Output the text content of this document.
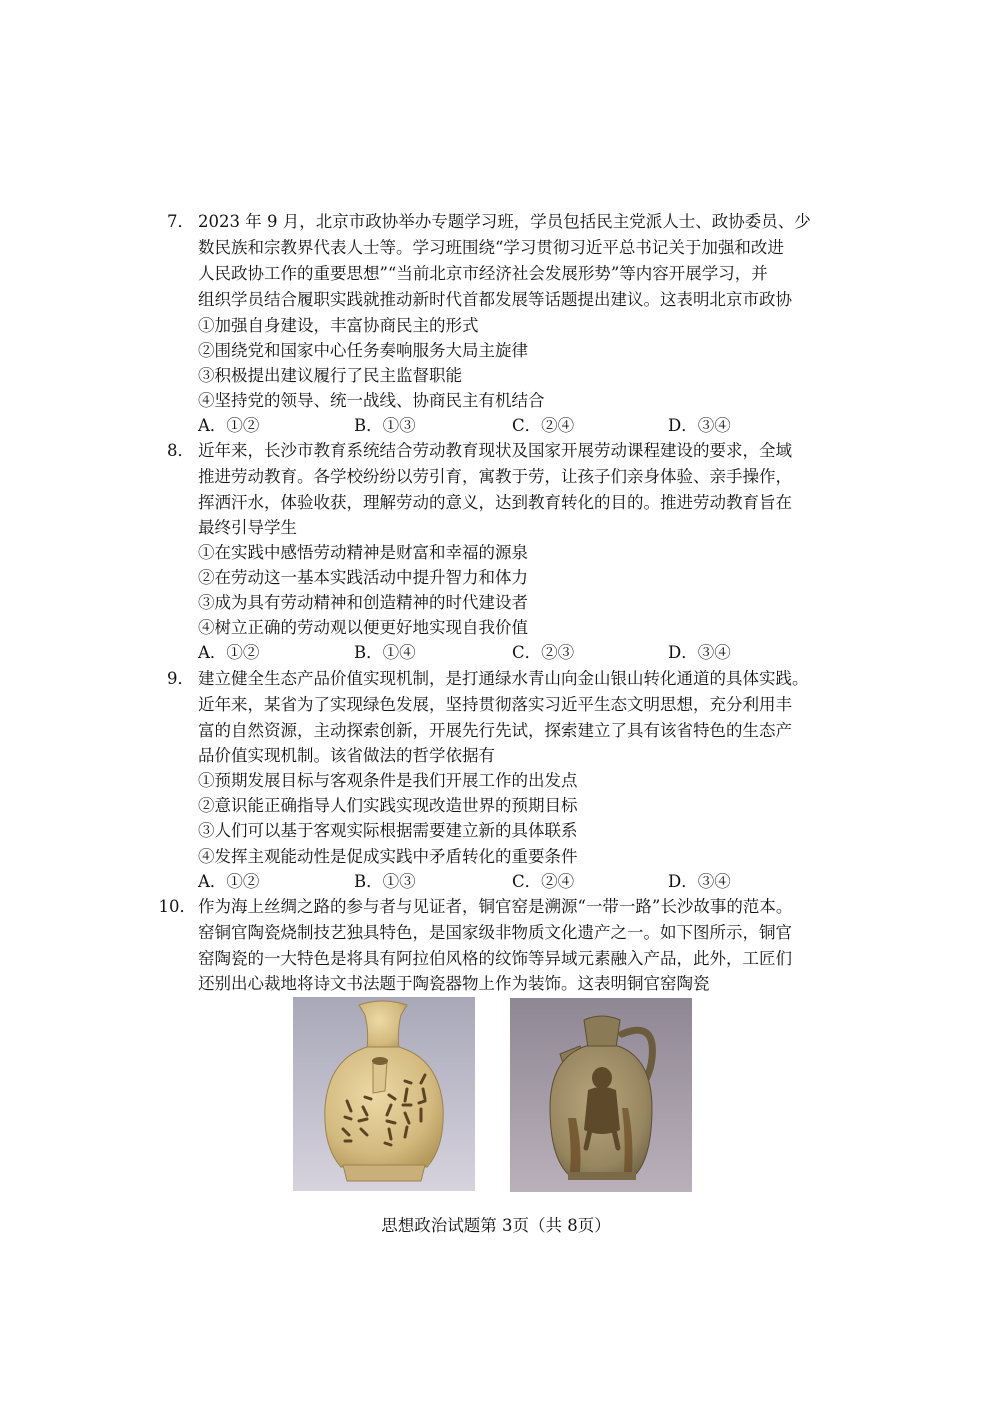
7． 2023 年 9 月，北京市政协举办专题学习班，学员包括民主党派人士、政协委员、少
数民族和宗教界代表人士等。学习班围绕“学习贯彻习近平总书记关于加强和改进
人民政协工作的重要思想”“当前北京市经济社会发展形势”等内容开展学习，并
组织学员结合履职实践就推动新时代首都发展等话题提出建议。这表明北京市政协
①加强自身建设，丰富协商民主的形式
②围绕党和国家中心任务奏响服务大局主旋律
③积极提出建议履行了民主监督职能
④坚持党的领导、统一战线、协商民主有机结合
A．①②	B．①③	C．②④	D．③④
8． 近年来，长沙市教育系统结合劳动教育现状及国家开展劳动课程建设的要求，全域
推进劳动教育。各学校纷纷以劳引育，寓教于劳，让孩子们亲身体验、亲手操作，
挥洒汗水，体验收获，理解劳动的意义，达到教育转化的目的。推进劳动教育旨在
最终引导学生
①在实践中感悟劳动精神是财富和幸福的源泉
②在劳动这一基本实践活动中提升智力和体力
③成为具有劳动精神和创造精神的时代建设者
④树立正确的劳动观以便更好地实现自我价值
A．①②	B．①④	C．②③	D．③④
9． 建立健全生态产品价值实现机制，是打通绿水青山向金山银山转化通道的具体实践。
近年来，某省为了实现绿色发展，坚持贯彻落实习近平生态文明思想，充分利用丰
富的自然资源，主动探索创新，开展先行先试，探索建立了具有该省特色的生态产
品价值实现机制。该省做法的哲学依据有
①预期发展目标与客观条件是我们开展工作的出发点
②意识能正确指导人们实践实现改造世界的预期目标
③人们可以基于客观实际根据需要建立新的具体联系
④发挥主观能动性是促成实践中矛盾转化的重要条件
A．①②	B．①③	C．②④	D．③④
10． 作为海上丝绸之路的参与者与见证者，铜官窑是溯源“一带一路”长沙故事的范本。
窑铜官陶瓷烧制技艺独具特色，是国家级非物质文化遗产之一。如下图所示，铜官
窑陶瓷的一大特色是将具有阿拉伯风格的纹饰等异域元素融入产品，此外，工匠们
还别出心裁地将诗文书法题于陶瓷器物上作为装饰。这表明铜官窑陶瓷
思想政治试题第 3页（共 8页）
